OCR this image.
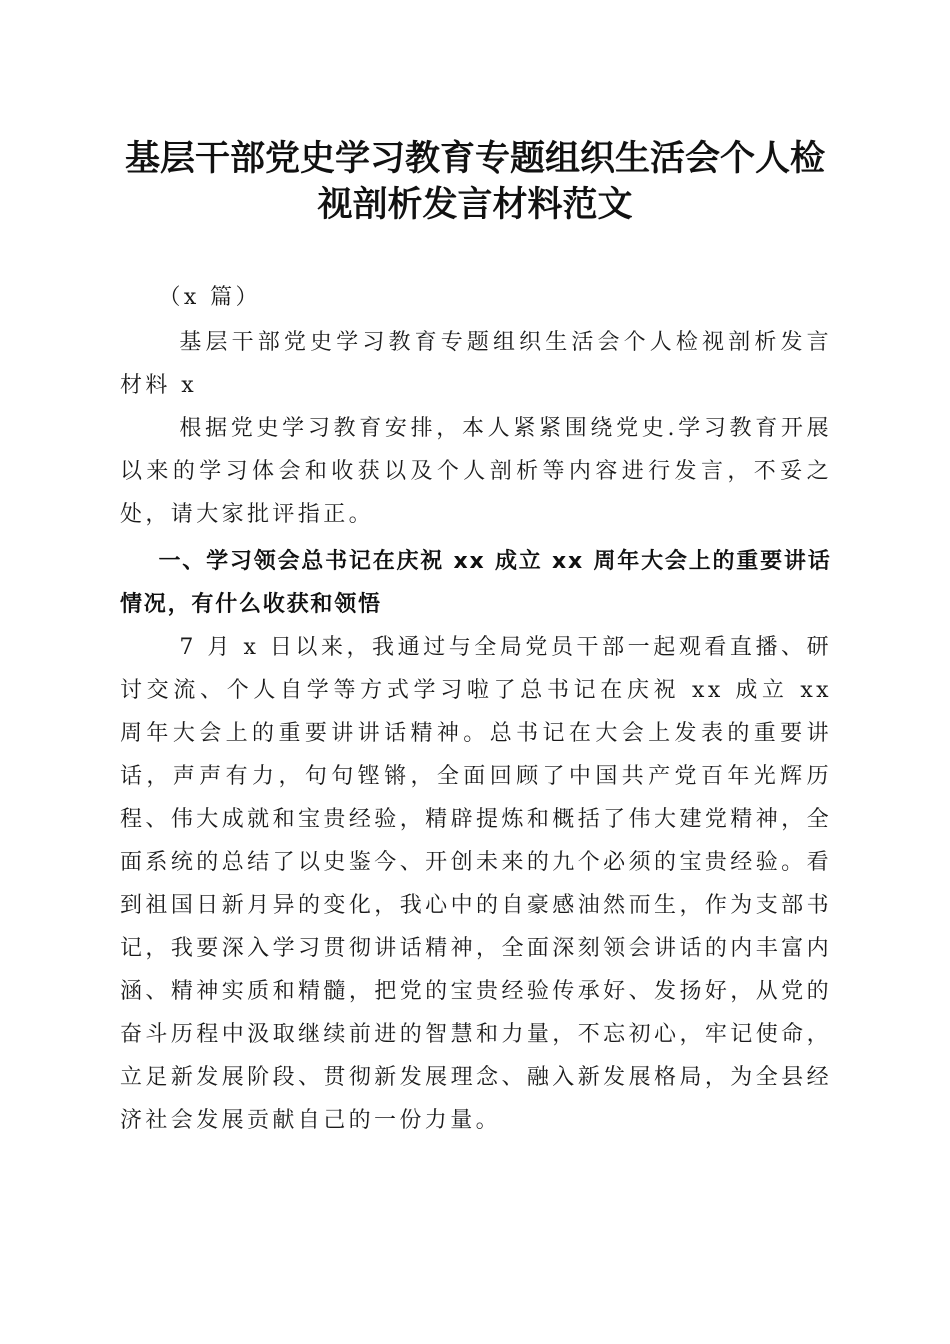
基层干部党史学习教育专题组织生活会个人检
视剖析发言材料范文

（x 篇）

基层干部党史学习教育专题组织生活会个人检视剖析发言材料 x

根据党史学习教育安排，本人紧紧围绕党史.学习教育开展以来的学习体会和收获以及个人剖析等内容进行发言，不妥之处，请大家批评指正。

一、学习领会总书记在庆祝 xx 成立 xx 周年大会上的重要讲话情况，有什么收获和领悟

7 月 x 日以来，我通过与全局党员干部一起观看直播、研讨交流、个人自学等方式学习啦了总书记在庆祝 xx 成立 xx 周年大会上的重要讲讲话精神。总书记在大会上发表的重要讲话，声声有力，句句铿锵，全面回顾了中国共产党百年光辉历程、伟大成就和宝贵经验，精辟提炼和概括了伟大建党精神，全面系统的总结了以史鉴今、开创未来的九个必须的宝贵经验。看到祖国日新月异的变化，我心中的自豪感油然而生，作为支部书记，我要深入学习贯彻讲话精神，全面深刻领会讲话的内丰富内涵、精神实质和精髓，把党的宝贵经验传承好、发扬好，从党的奋斗历程中汲取继续前进的智慧和力量，不忘初心，牢记使命，立足新发展阶段、贯彻新发展理念、融入新发展格局，为全县经济社会发展贡献自己的一份力量。
